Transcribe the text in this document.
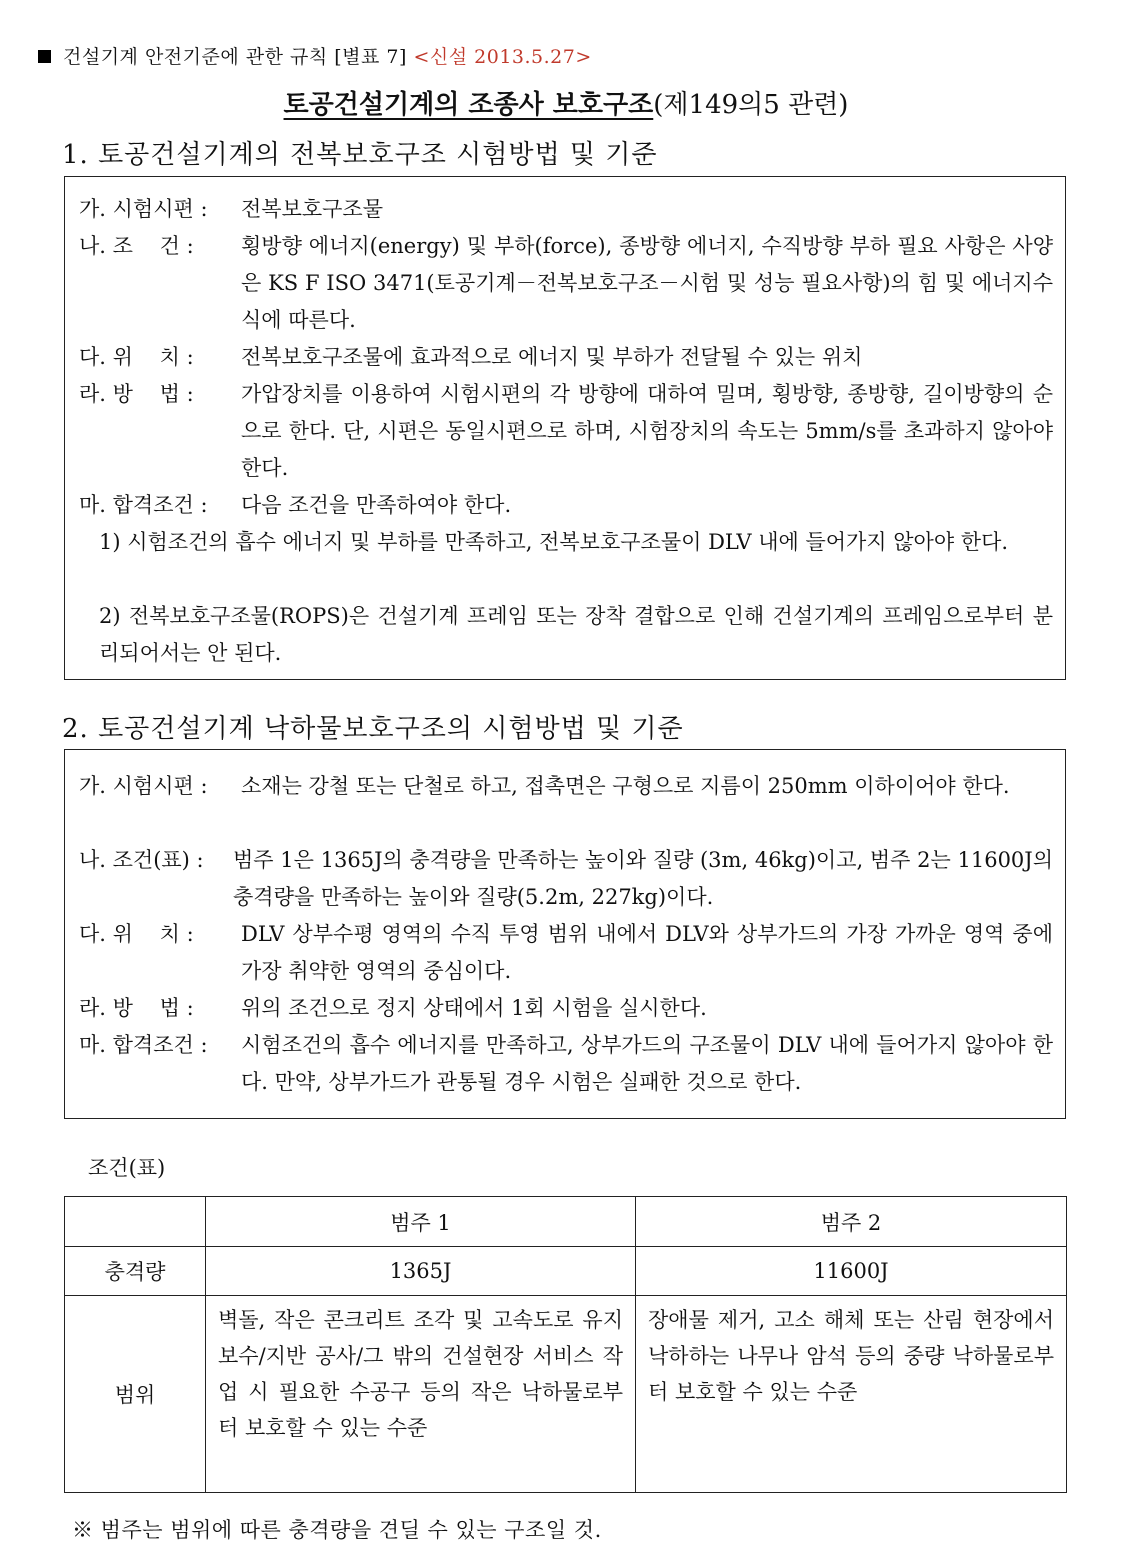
건설기계 안전기준에 관한 규칙 [별표 7] <신설 2013.5.27>
토공건설기계의 조종사 보호구조(제149의5 관련)
1. 토공건설기계의 전복보호구조 시험방법 및 기준
가. 시험시편 : 전복보호구조물
나. 조    건 : 횡방향 에너지(energy) 및 부하(force), 종방향 에너지, 수직방향 부하 필요 사항은 사양은 KS F ISO 3471(토공기계－전복보호구조－시험 및 성능 필요사항)의 힘 및 에너지수식에 따른다.
다. 위    치 : 전복보호구조물에 효과적으로 에너지 및 부하가 전달될 수 있는 위치
라. 방    법 : 가압장치를 이용하여 시험시편의 각 방향에 대하여 밀며, 횡방향, 종방향, 길이방향의 순으로 한다. 단, 시편은 동일시편으로 하며, 시험장치의 속도는 5mm/s를 초과하지 않아야 한다.
마. 합격조건 : 다음 조건을 만족하여야 한다.
1) 시험조건의 흡수 에너지 및 부하를 만족하고, 전복보호구조물이 DLV 내에 들어가지 않아야 한다.
2) 전복보호구조물(ROPS)은 건설기계 프레임 또는 장착 결합으로 인해 건설기계의 프레임으로부터 분리되어서는 안 된다.
2. 토공건설기계 낙하물보호구조의 시험방법 및 기준
가. 시험시편 : 소재는 강철 또는 단철로 하고, 접촉면은 구형으로 지름이 250mm 이하이어야 한다.
나. 조건(표) : 범주 1은 1365J의 충격량을 만족하는 높이와 질량 (3m, 46kg)이고, 범주 2는 11600J의 충격량을 만족하는 높이와 질량(5.2m, 227kg)이다.
다. 위    치 : DLV 상부수평 영역의 수직 투영 범위 내에서 DLV와 상부가드의 가장 가까운 영역 중에 가장 취약한 영역의 중심이다.
라. 방    법 : 위의 조건으로 정지 상태에서 1회 시험을 실시한다.
마. 합격조건 : 시험조건의 흡수 에너지를 만족하고, 상부가드의 구조물이 DLV 내에 들어가지 않아야 한다. 만약, 상부가드가 관통될 경우 시험은 실패한 것으로 한다.
조건(표)
	범주 1	범주 2
충격량	1365J	11600J
범위	벽돌, 작은 콘크리트 조각 및 고속도로 유지 보수/지반 공사/그 밖의 건설현장 서비스 작업 시 필요한 수공구 등의 작은 낙하물로부터 보호할 수 있는 수준	장애물 제거, 고소 해체 또는 산림 현장에서 낙하하는 나무나 암석 등의 중량 낙하물로부터 보호할 수 있는 수준
※ 범주는 범위에 따른 충격량을 견딜 수 있는 구조일 것.
